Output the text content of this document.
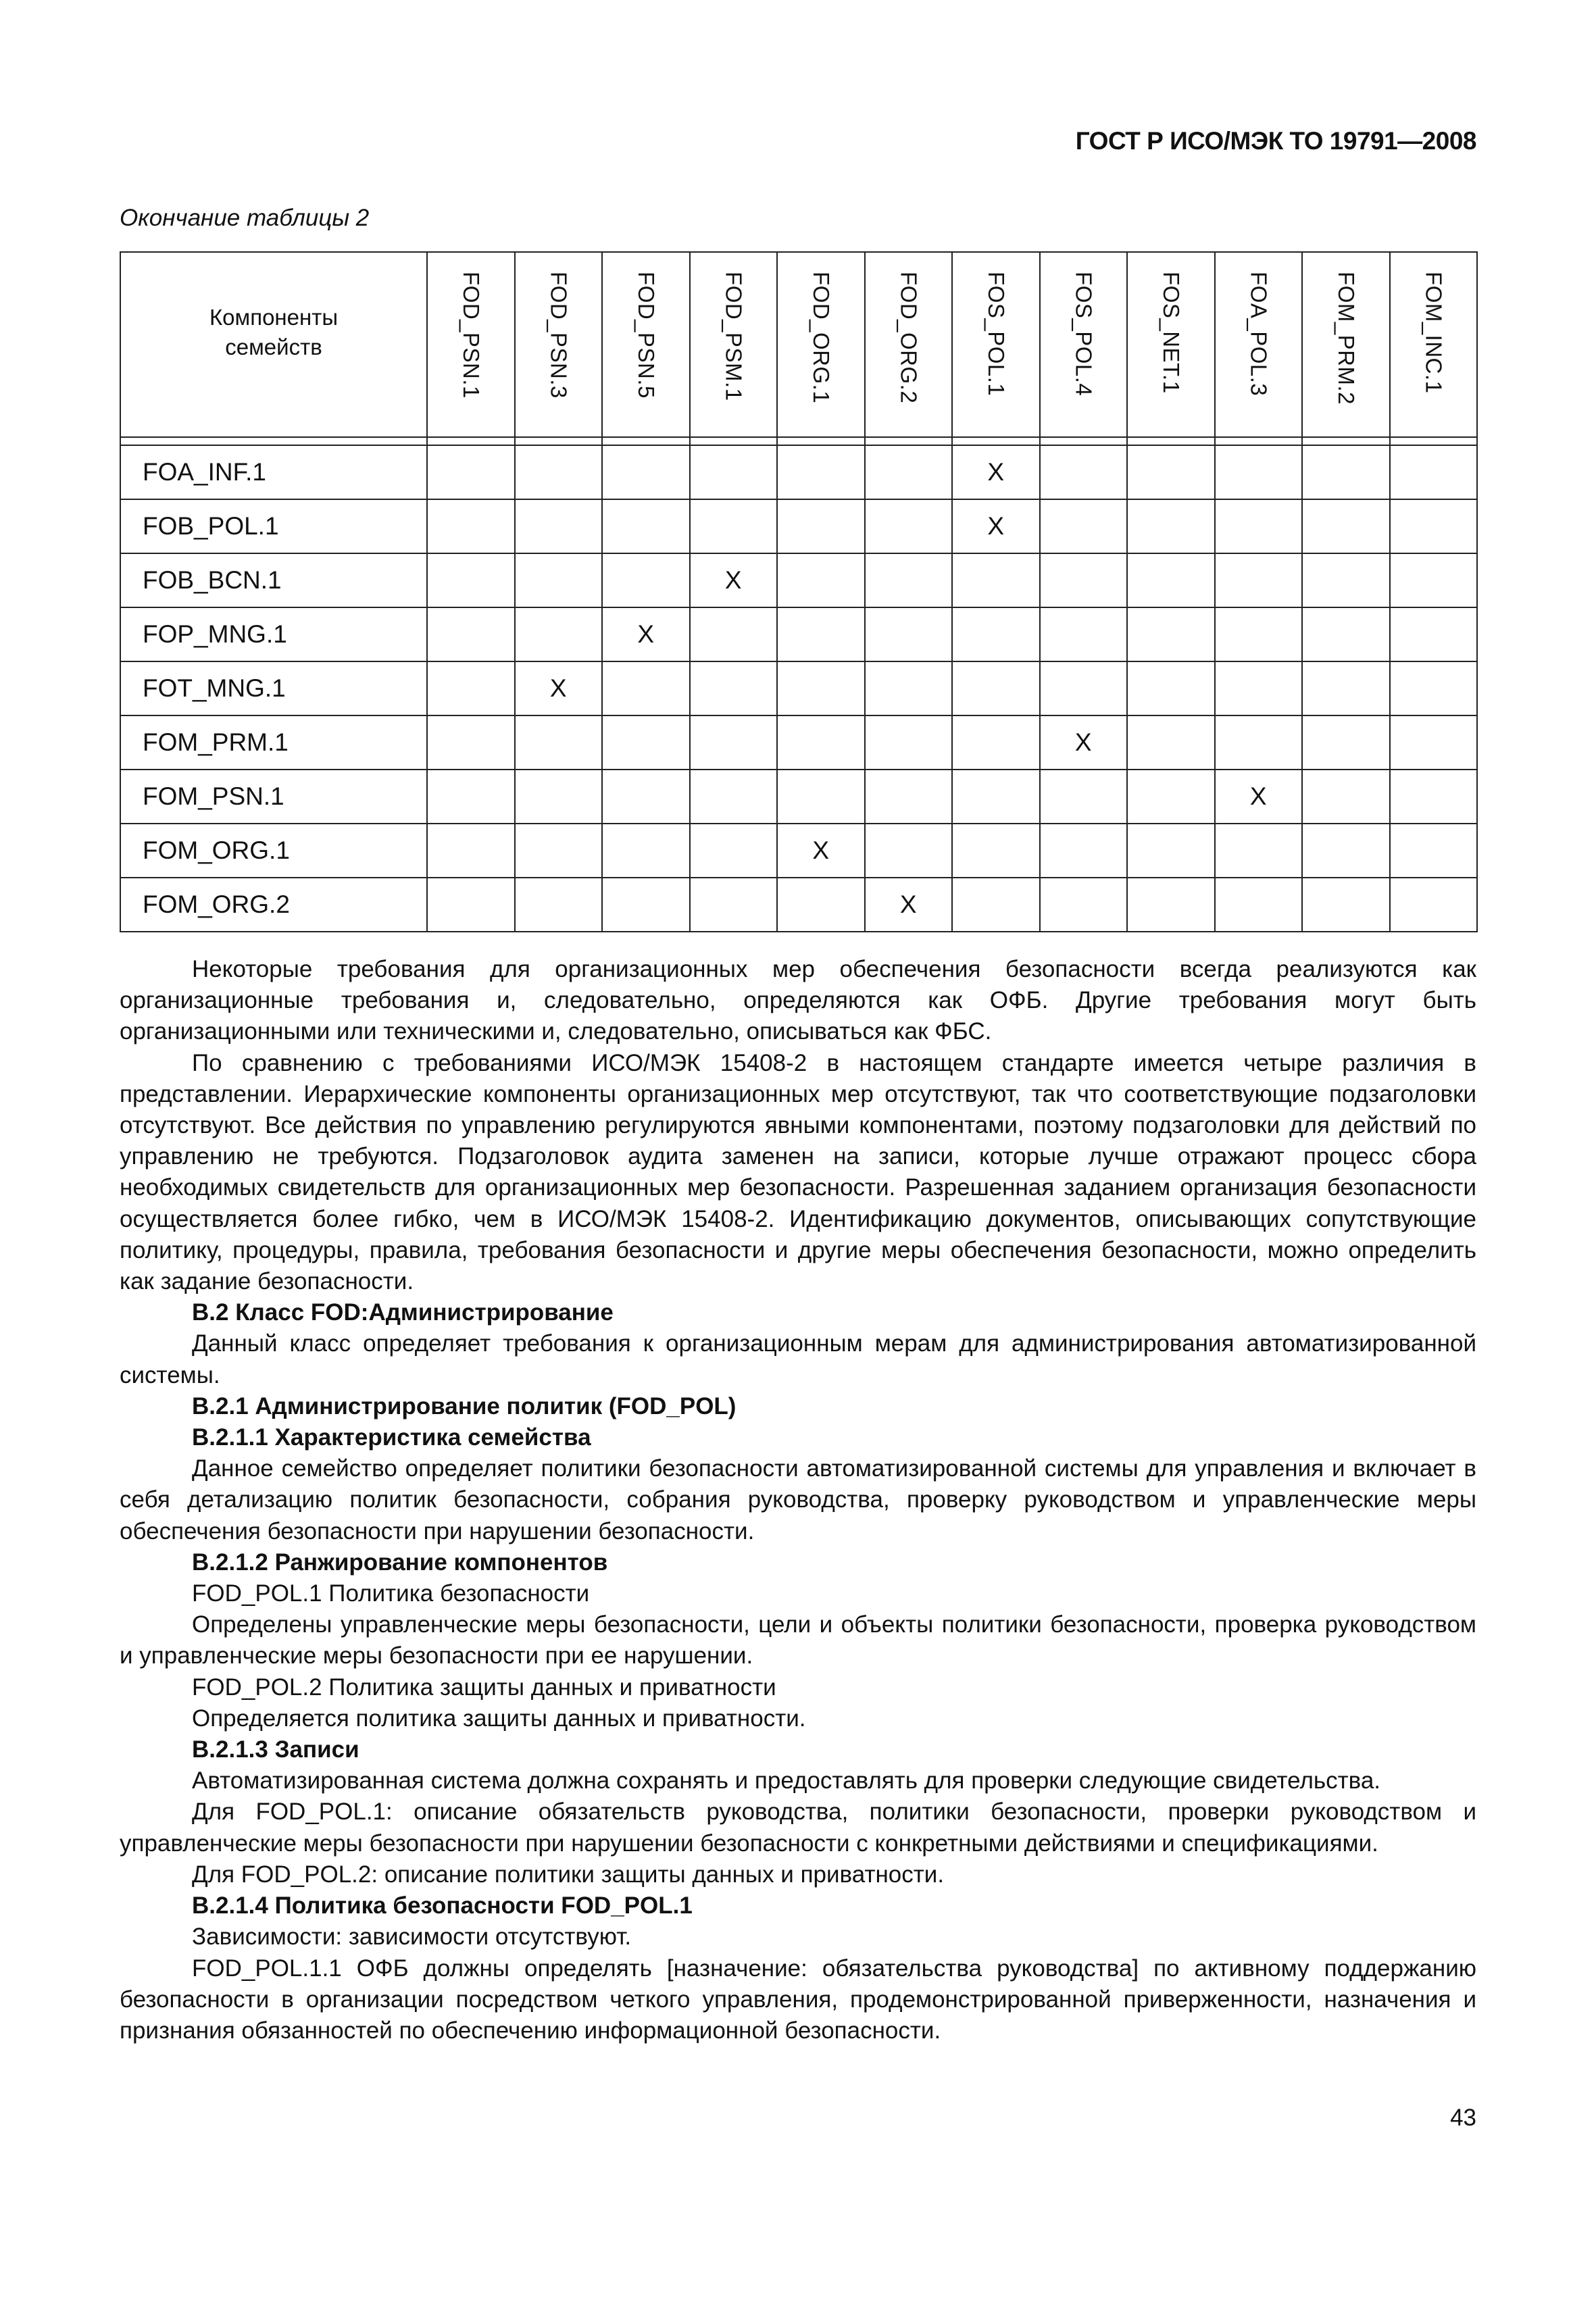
ГОСТ Р ИСО/МЭК ТО 19791—2008
Окончание таблицы 2
Компоненты
семейств	FOD_PSN.1	FOD_PSN.3	FOD_PSN.5	FOD_PSM.1	FOD_ORG.1	FOD_ORG.2	FOS_POL.1	FOS_POL.4	FOS_NET.1	FOA_POL.3	FOM_PRM.2	FOM_INC.1

FOA_INF.1							X					
FOB_POL.1							X					
FOB_BCN.1				X								
FOP_MNG.1			X									
FOT_MNG.1		X										
FOM_PRM.1								X				
FOM_PSN.1										X		
FOM_ORG.1					X							
FOM_ORG.2						X						

Некоторые требования для организационных мер обеспечения безопасности всегда реализуются как организационные требования и, следовательно, определяются как ОФБ. Другие требования могут быть организационными или техническими и, следовательно, описываться как ФБС.

По сравнению с требованиями ИСО/МЭК 15408-2 в настоящем стандарте имеется четыре различия в представлении. Иерархические компоненты организационных мер отсутствуют, так что соответствующие подзаголовки отсутствуют. Все действия по управлению регулируются явными компонентами, поэтому подзаголовки для действий по управлению не требуются. Подзаголовок аудита заменен на записи, которые лучше отражают процесс сбора необходимых свидетельств для организационных мер безопасности. Разрешенная заданием организация безопасности осуществляется более гибко, чем в ИСО/МЭК 15408-2. Идентификацию документов, описывающих сопутствующие политику, процедуры, правила, требования безопасности и другие меры обеспечения безопасности, можно определить как задание безопасности.

В.2 Класс FOD:Администрирование

Данный класс определяет требования к организационным мерам для администрирования автоматизированной системы.

В.2.1 Администрирование политик (FOD_POL)

В.2.1.1 Характеристика семейства

Данное семейство определяет политики безопасности автоматизированной системы для управления и включает в себя детализацию политик безопасности, собрания руководства, проверку руководством и управленческие меры обеспечения безопасности при нарушении безопасности.

В.2.1.2 Ранжирование компонентов

FOD_POL.1 Политика безопасности

Определены управленческие меры безопасности, цели и объекты политики безопасности, проверка руководством и управленческие меры безопасности при ее нарушении.

FOD_POL.2 Политика защиты данных и приватности

Определяется политика защиты данных и приватности.

В.2.1.3 Записи

Автоматизированная система должна сохранять и предоставлять для проверки следующие свидетельства.

Для FOD_POL.1: описание обязательств руководства, политики безопасности, проверки руководством и управленческие меры безопасности при нарушении безопасности с конкретными действиями и спецификациями.

Для FOD_POL.2: описание политики защиты данных и приватности.

В.2.1.4 Политика безопасности FOD_POL.1

Зависимости: зависимости отсутствуют.

FOD_POL.1.1 ОФБ должны определять [назначение: обязательства руководства] по активному поддержанию безопасности в организации посредством четкого управления, продемонстрированной приверженности, назначения и признания обязанностей по обеспечению информационной безопасности.

43
